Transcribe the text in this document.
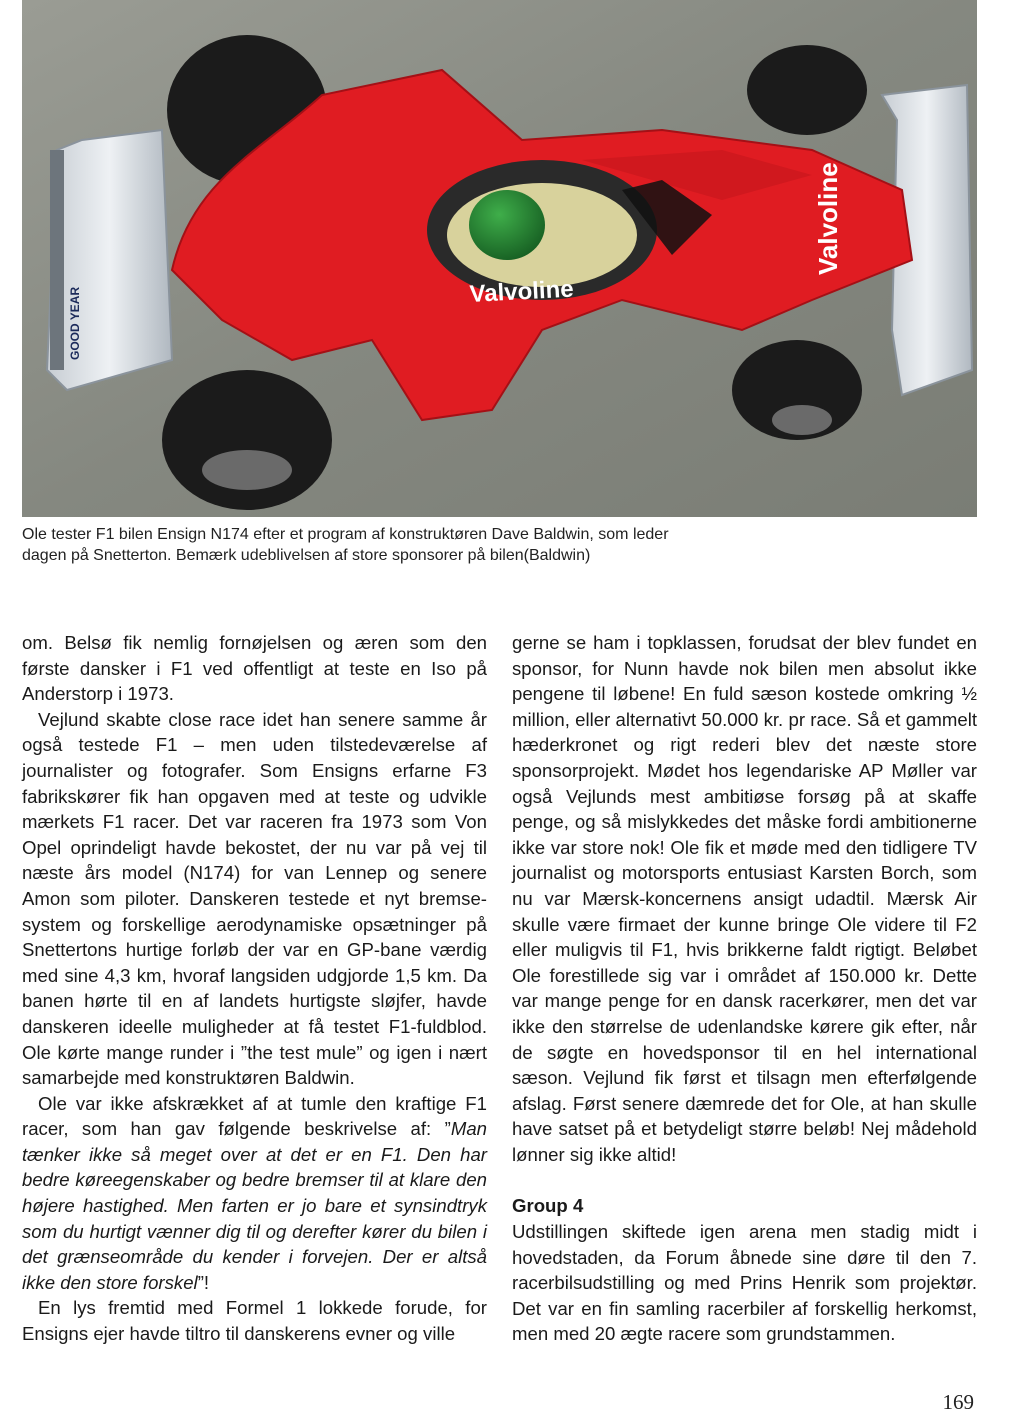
Valvoline
Valvoline
GOOD YEAR
Ole tester F1 bilen Ensign N174 efter et program af konstruktøren Dave Baldwin, som leder
dagen på Snetterton. Bemærk udeblivelsen af store sponsorer på bilen(Baldwin)

om. Belsø fik nemlig fornøjelsen og æren som den første dansker i F1 ved offentligt at teste en Iso på Anderstorp i 1973.

Vejlund skabte close race idet han senere samme år også testede F1 – men uden tilstedeværelse af journalister og fotografer. Som Ensigns erfarne F3 fabrikskører fik han opgaven med at teste og udvikle mærkets F1 racer. Det var raceren fra 1973 som Von Opel oprindeligt havde bekostet, der nu var på vej til næste års model (N174) for van Lennep og senere Amon som piloter. Danskeren testede et nyt bremsesystem og forskellige aerodynamiske opsætninger på Snettertons hurtige forløb der var en GP-bane værdig med sine 4,3 km, hvoraf langsiden udgjorde 1,5 km. Da banen hørte til en af landets hurtigste sløjfer, havde danskeren ideelle muligheder at få testet F1-fuldblod. Ole kørte mange runder i ”the test mule” og igen i nært samarbejde med konstruktøren Baldwin.

Ole var ikke afskrækket af at tumle den kraftige F1 racer, som han gav følgende beskrivelse af: ”Man tænker ikke så meget over at det er en F1. Den har bedre køreegenskaber og bedre bremser til at klare den højere hastighed. Men farten er jo bare et synsindtryk som du hurtigt vænner dig til og derefter kører du bilen i det grænseområde du kender i forvejen. Der er altså ikke den store forskel”!

En lys fremtid med Formel 1 lokkede forude, for Ensigns ejer havde tiltro til danskerens evner og ville

gerne se ham i topklassen, forudsat der blev fundet en sponsor, for Nunn havde nok bilen men absolut ikke pengene til løbene! En fuld sæson kostede omkring ½ million, eller alternativt 50.000 kr. pr race. Så et gammelt hæderkronet og rigt rederi blev det næste store sponsorprojekt. Mødet hos legendariske AP Møller var også Vejlunds mest ambitiøse forsøg på at skaffe penge, og så mislykkedes det måske fordi ambitionerne ikke var store nok! Ole fik et møde med den tidligere TV journalist og motorsports entusiast Karsten Borch, som nu var Mærsk-koncernens ansigt udadtil. Mærsk Air skulle være firmaet der kunne bringe Ole videre til F2 eller muligvis til F1, hvis brikkerne faldt rigtigt. Beløbet Ole forestillede sig var i området af 150.000 kr. Dette var mange penge for en dansk racerkører, men det var ikke den størrelse de udenlandske kørere gik efter, når de søgte en hovedsponsor til en hel international sæson. Vejlund fik først et tilsagn men efterfølgende afslag. Først senere dæmrede det for Ole, at han skulle have satset på et betydeligt større beløb! Nej mådehold lønner sig ikke altid!

Group 4

Udstillingen skiftede igen arena men stadig midt i hovedstaden, da Forum åbnede sine døre til den 7. racerbilsudstilling og med Prins Henrik som projektør. Det var en fin samling racerbiler af forskellig herkomst, men med 20 ægte racere som grundstammen.

169
